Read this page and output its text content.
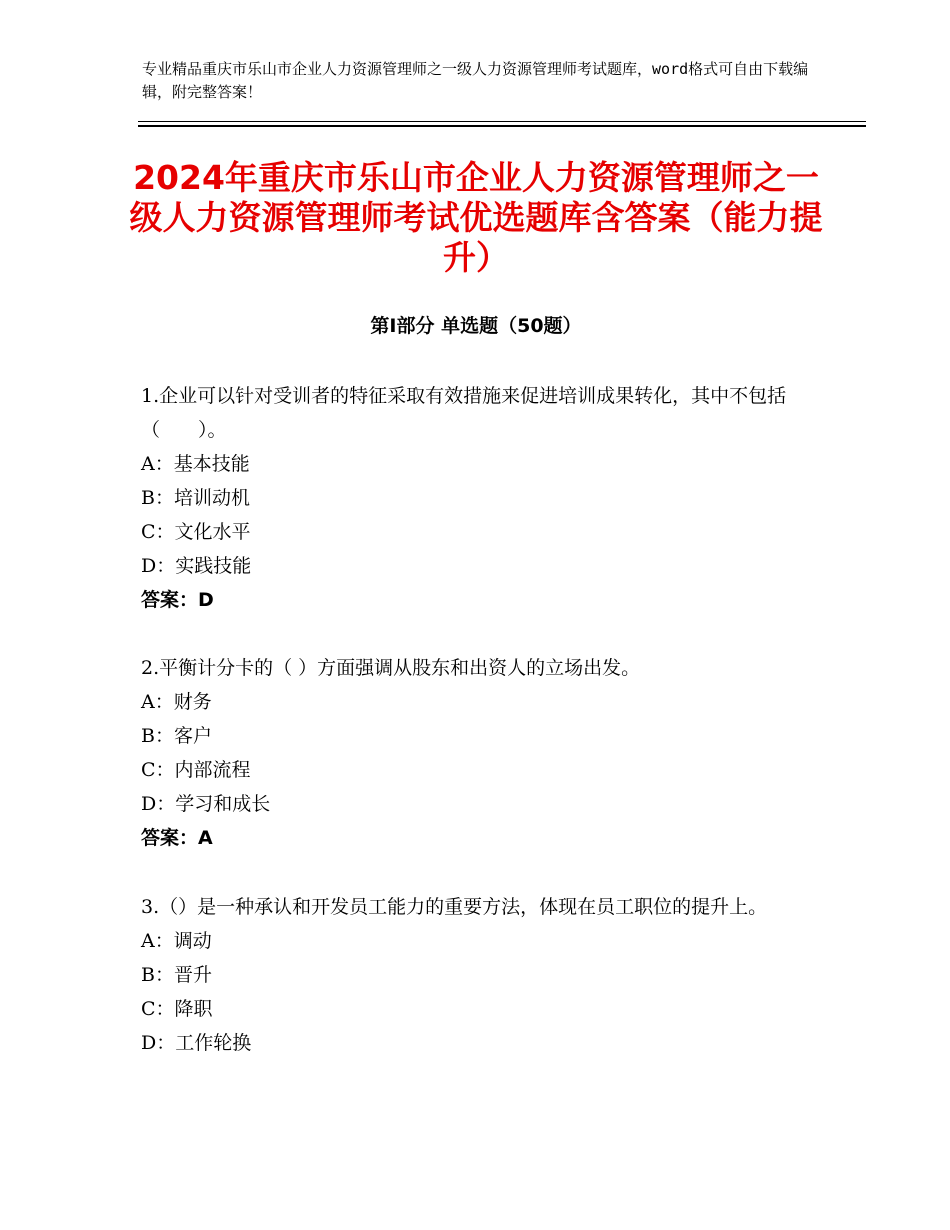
专业精品重庆市乐山市企业人力资源管理师之一级人力资源管理师考试题库，word格式可自由下载编辑，附完整答案！
2024年重庆市乐山市企业人力资源管理师之一级人力资源管理师考试优选题库含答案（能力提升）
第Ⅰ部分 单选题（50题）

1.企业可以针对受训者的特征采取有效措施来促进培训成果转化，其中不包括（　　）。

A：基本技能

B：培训动机

C：文化水平

D：实践技能

答案：D

2.平衡计分卡的（ ）方面强调从股东和出资人的立场出发。

A：财务

B：客户

C：内部流程

D：学习和成长

答案：A

3.（）是一种承认和开发员工能力的重要方法，体现在员工职位的提升上。

A：调动

B：晋升

C：降职

D：工作轮换
